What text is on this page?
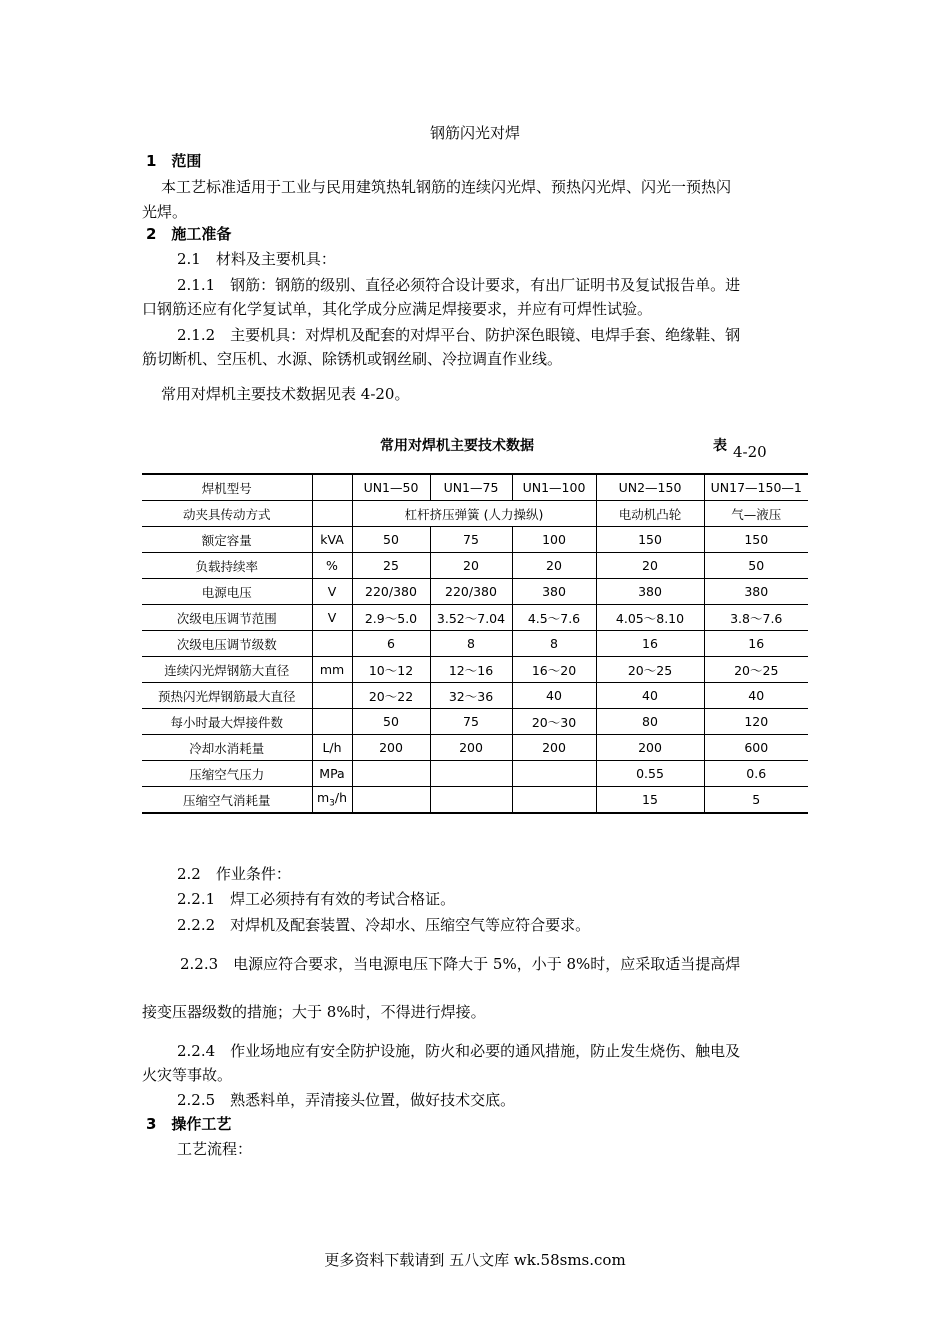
钢筋闪光对焊
1　范围
本工艺标准适用于工业与民用建筑热轧钢筋的连续闪光焊、预热闪光焊、闪光一预热闪
光焊。
2　施工准备
2.1　材料及主要机具：
2.1.1　钢筋：钢筋的级别、直径必须符合设计要求，有出厂证明书及复试报告单。进
口钢筋还应有化学复试单，其化学成分应满足焊接要求，并应有可焊性试验。
2.1.2　主要机具：对焊机及配套的对焊平台、防护深色眼镜、电焊手套、绝缘鞋、钢
筋切断机、空压机、水源、除锈机或钢丝刷、冷拉调直作业线。
常用对焊机主要技术数据见表 4-20。
常用对焊机主要技术数据	表 4-20
焊机型号		UN1—50	UN1—75	UN1—100	UN2—150	UN17—150—1
动夹具传动方式		杠杆挤压弹簧 (人力操纵)			电动机凸轮	气—液压
额定容量	kVA	50	75	100	150	150
负载持续率	%	25	20	20	20	50
电源电压	V	220/380	220/380	380	380	380
次级电压调节范围	V	2.9～5.0	3.52～7.04	4.5～7.6	4.05～8.10	3.8～7.6
次级电压调节级数		6	8	8	16	16
连续闪光焊钢筋大直径	mm	10～12	12～16	16～20	20～25	20～25
预热闪光焊钢筋最大直径		20～22	32～36	40	40	40
每小时最大焊接件数		50	75	20～30	80	120
冷却水消耗量	L/h	200	200	200	200	600
压缩空气压力	MPa				0.55	0.6
压缩空气消耗量	$m_3/h$				15	5
2.2　作业条件：
2.2.1　焊工必须持有有效的考试合格证。
2.2.2　对焊机及配套装置、冷却水、压缩空气等应符合要求。
2.2.3　电源应符合要求，当电源电压下降大于 5%，小于 8%时，应采取适当提高焊
接变压器级数的措施；大于 8%时，不得进行焊接。
2.2.4　作业场地应有安全防护设施，防火和必要的通风措施，防止发生烧伤、触电及
火灾等事故。
2.2.5　熟悉料单，弄清接头位置，做好技术交底。
3　操作工艺
工艺流程：
更多资料下载请到 五八文库 wk.58sms.com
